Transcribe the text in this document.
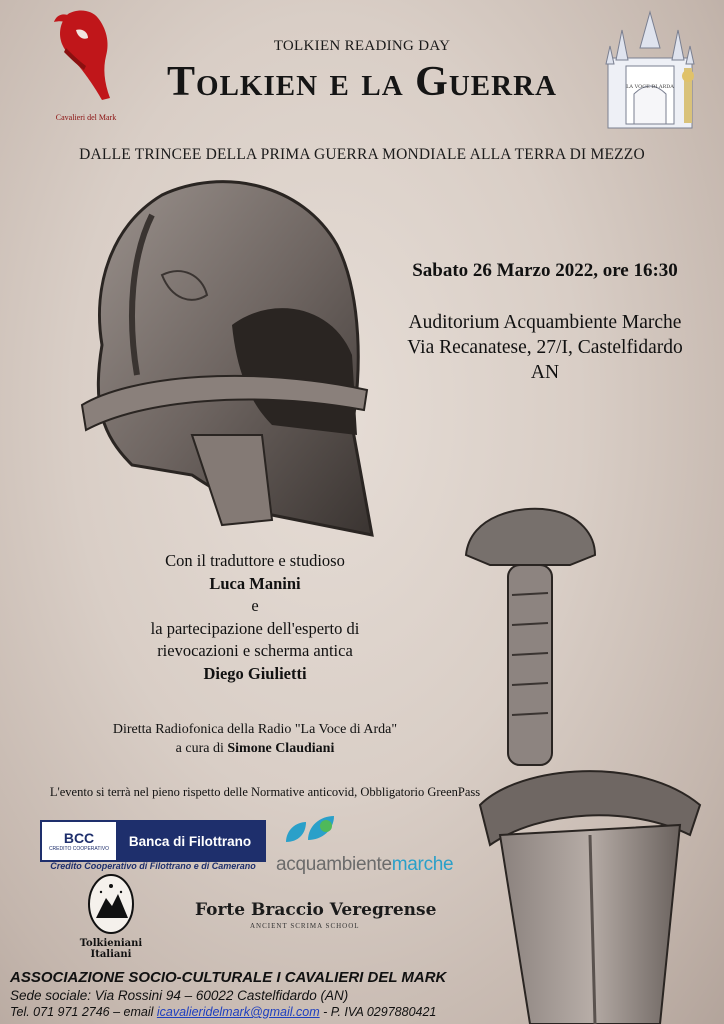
Cavalieri del Mark
LA VOCE DI ARDA
TOLKIEN READING DAY
Tolkien e la Guerra
DALLE TRINCEE DELLA PRIMA GUERRA MONDIALE ALLA TERRA DI MEZZO
Sabato 26 Marzo 2022, ore 16:30
Auditorium Acquambiente Marche
Via Recanatese, 27/I, Castelfidardo
AN
Con il traduttore e studioso
Luca Manini
e
la partecipazione dell'esperto di
rievocazioni e scherma antica
Diego Giulietti
Diretta Radiofonica della Radio "La Voce di Arda"
a cura di Simone Claudiani
L'evento si terrà nel pieno rispetto delle Normative anticovid, Obbligatorio GreenPass
BCC
CREDITO COOPERATIVO
Banca di Filottrano
Credito Cooperativo di Filottrano e di Camerano	acquambientemarche
Tolkieniani
Italiani
Forte Braccio Veregrense
ANCIENT SCRIMA SCHOOL
ASSOCIAZIONE SOCIO-CULTURALE I CAVALIERI DEL MARK
Sede sociale: Via Rossini 94 – 60022 Castelfidardo (AN)
Tel. 071 971 2746 – email icavalieridelmark@gmail.com - P. IVA 0297880421
